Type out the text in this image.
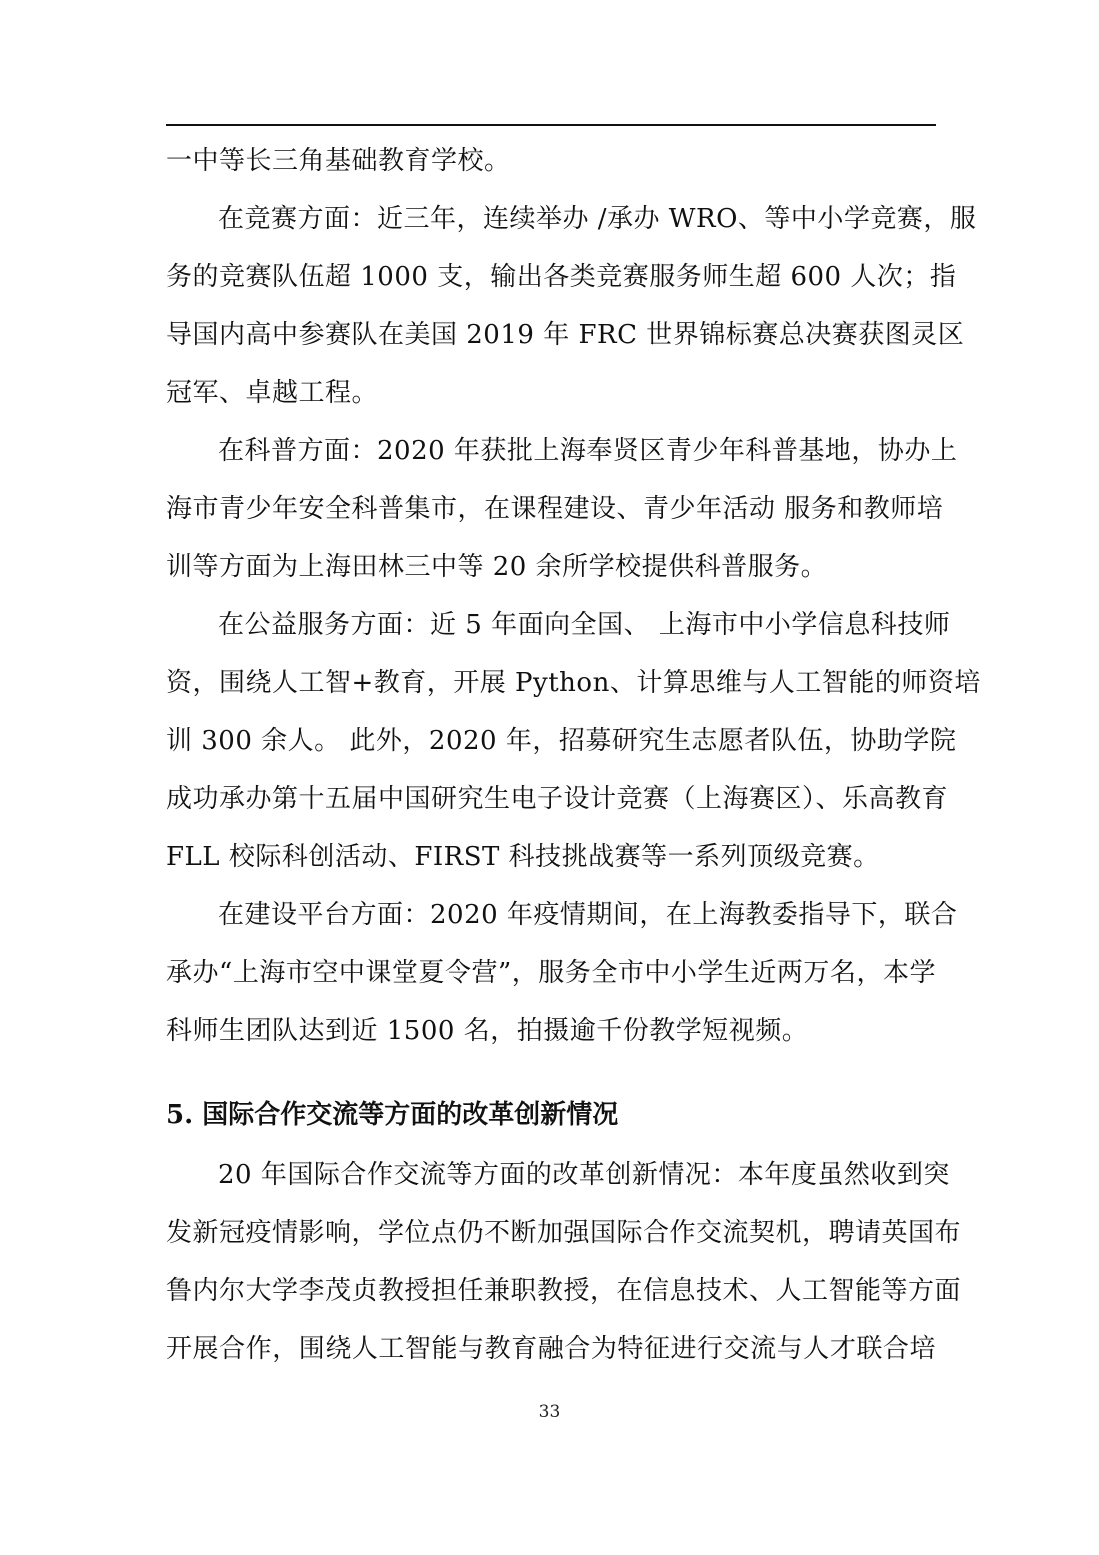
一中等长三角基础教育学校。
在竞赛方面：近三年，连续举办 /承办 WRO、等中小学竞赛，服
务的竞赛队伍超 1000 支，输出各类竞赛服务师生超 600 人次；指
导国内高中参赛队在美国 2019 年 FRC 世界锦标赛总决赛获图灵区
冠军、卓越工程。
在科普方面：2020 年获批上海奉贤区青少年科普基地，协办上
海市青少年安全科普集市，在课程建设、青少年活动 服务和教师培
训等方面为上海田林三中等 20 余所学校提供科普服务。
在公益服务方面：近 5 年面向全国、 上海市中小学信息科技师
资，围绕人工智+教育，开展 Python、计算思维与人工智能的师资培
训 300 余人。 此外，2020 年，招募研究生志愿者队伍，协助学院
成功承办第十五届中国研究生电子设计竞赛（上海赛区）、乐高教育
FLL 校际科创活动、FIRST 科技挑战赛等一系列顶级竞赛。
在建设平台方面：2020 年疫情期间，在上海教委指导下，联合
承办“上海市空中课堂夏令营”，服务全市中小学生近两万名，本学
科师生团队达到近 1500 名，拍摄逾千份教学短视频。
5. 国际合作交流等方面的改革创新情况
20 年国际合作交流等方面的改革创新情况：本年度虽然收到突
发新冠疫情影响，学位点仍不断加强国际合作交流契机，聘请英国布
鲁内尔大学李茂贞教授担任兼职教授，在信息技术、人工智能等方面
开展合作，围绕人工智能与教育融合为特征进行交流与人才联合培
33
